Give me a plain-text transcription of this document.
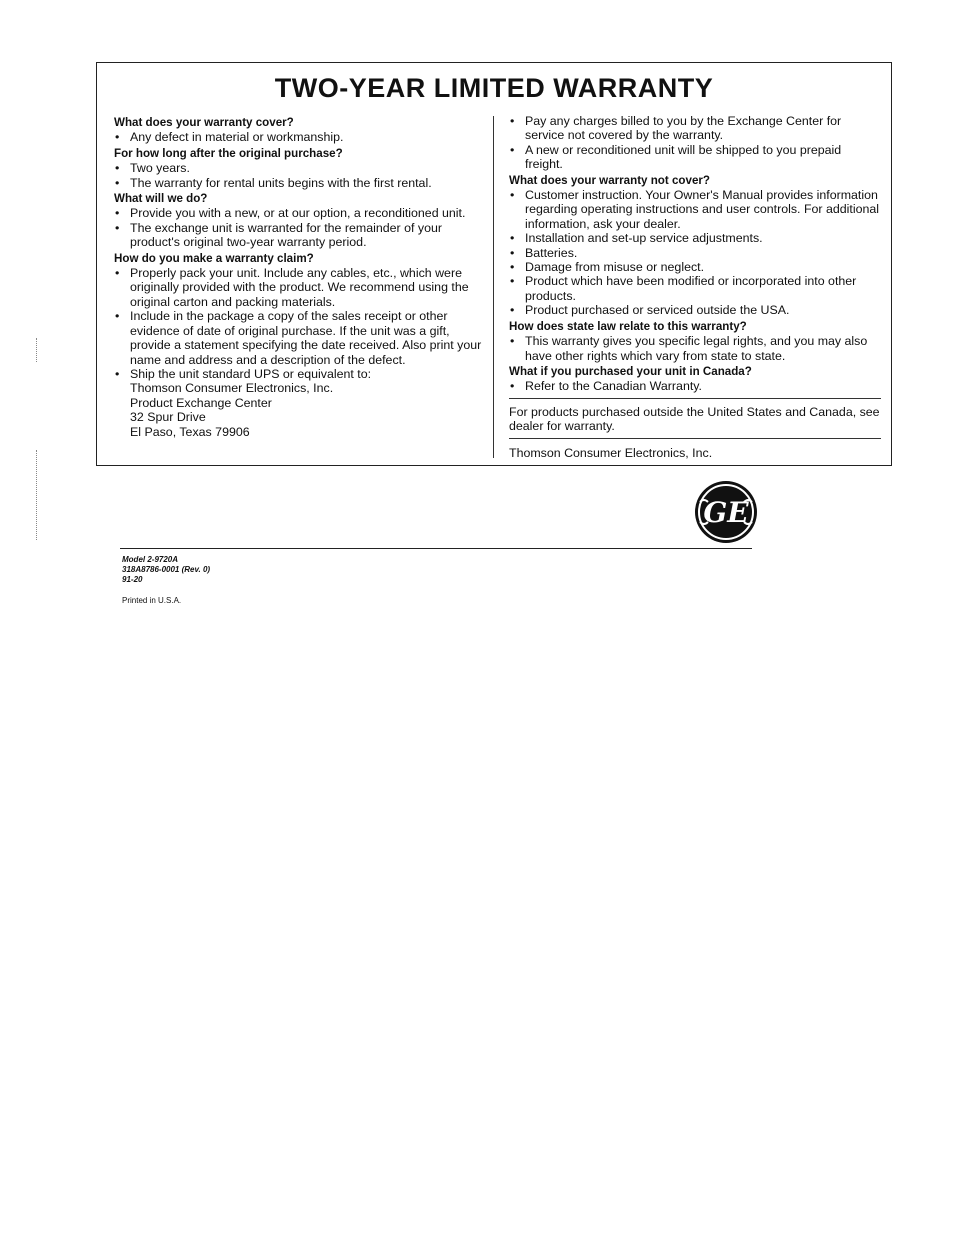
TWO-YEAR LIMITED WARRANTY
What does your warranty cover?
• Any defect in material or workmanship.
For how long after the original purchase?
• Two years.
• The warranty for rental units begins with the first rental.
What will we do?
• Provide you with a new, or at our option, a reconditioned unit.
• The exchange unit is warranted for the remainder of your product's original two-year warranty period.
How do you make a warranty claim?
• Properly pack your unit. Include any cables, etc., which were originally provided with the product. We recommend using the original carton and packing materials.
• Include in the package a copy of the sales receipt or other evidence of date of original purchase. If the unit was a gift, provide a statement specifying the date received. Also print your name and address and a description of the defect.
• Ship the unit standard UPS or equivalent to:
Thomson Consumer Electronics, Inc.
Product Exchange Center
32 Spur Drive
El Paso, Texas 79906
• Pay any charges billed to you by the Exchange Center for service not covered by the warranty.
• A new or reconditioned unit will be shipped to you prepaid freight.
What does your warranty not cover?
• Customer instruction. Your Owner's Manual provides information regarding operating instructions and user controls. For additional information, ask your dealer.
• Installation and set-up service adjustments.
• Batteries.
• Damage from misuse or neglect.
• Product which have been modified or incorporated into other products.
• Product purchased or serviced outside the USA.
How does state law relate to this warranty?
• This warranty gives you specific legal rights, and you may also have other rights which vary from state to state.
What if you purchased your unit in Canada?
• Refer to the Canadian Warranty.
For products purchased outside the United States and Canada, see dealer for warranty.
Thomson Consumer Electronics, Inc.
GE
Model 2-9720A
318A8786-0001 (Rev. 0)
91-20
Printed in U.S.A.
